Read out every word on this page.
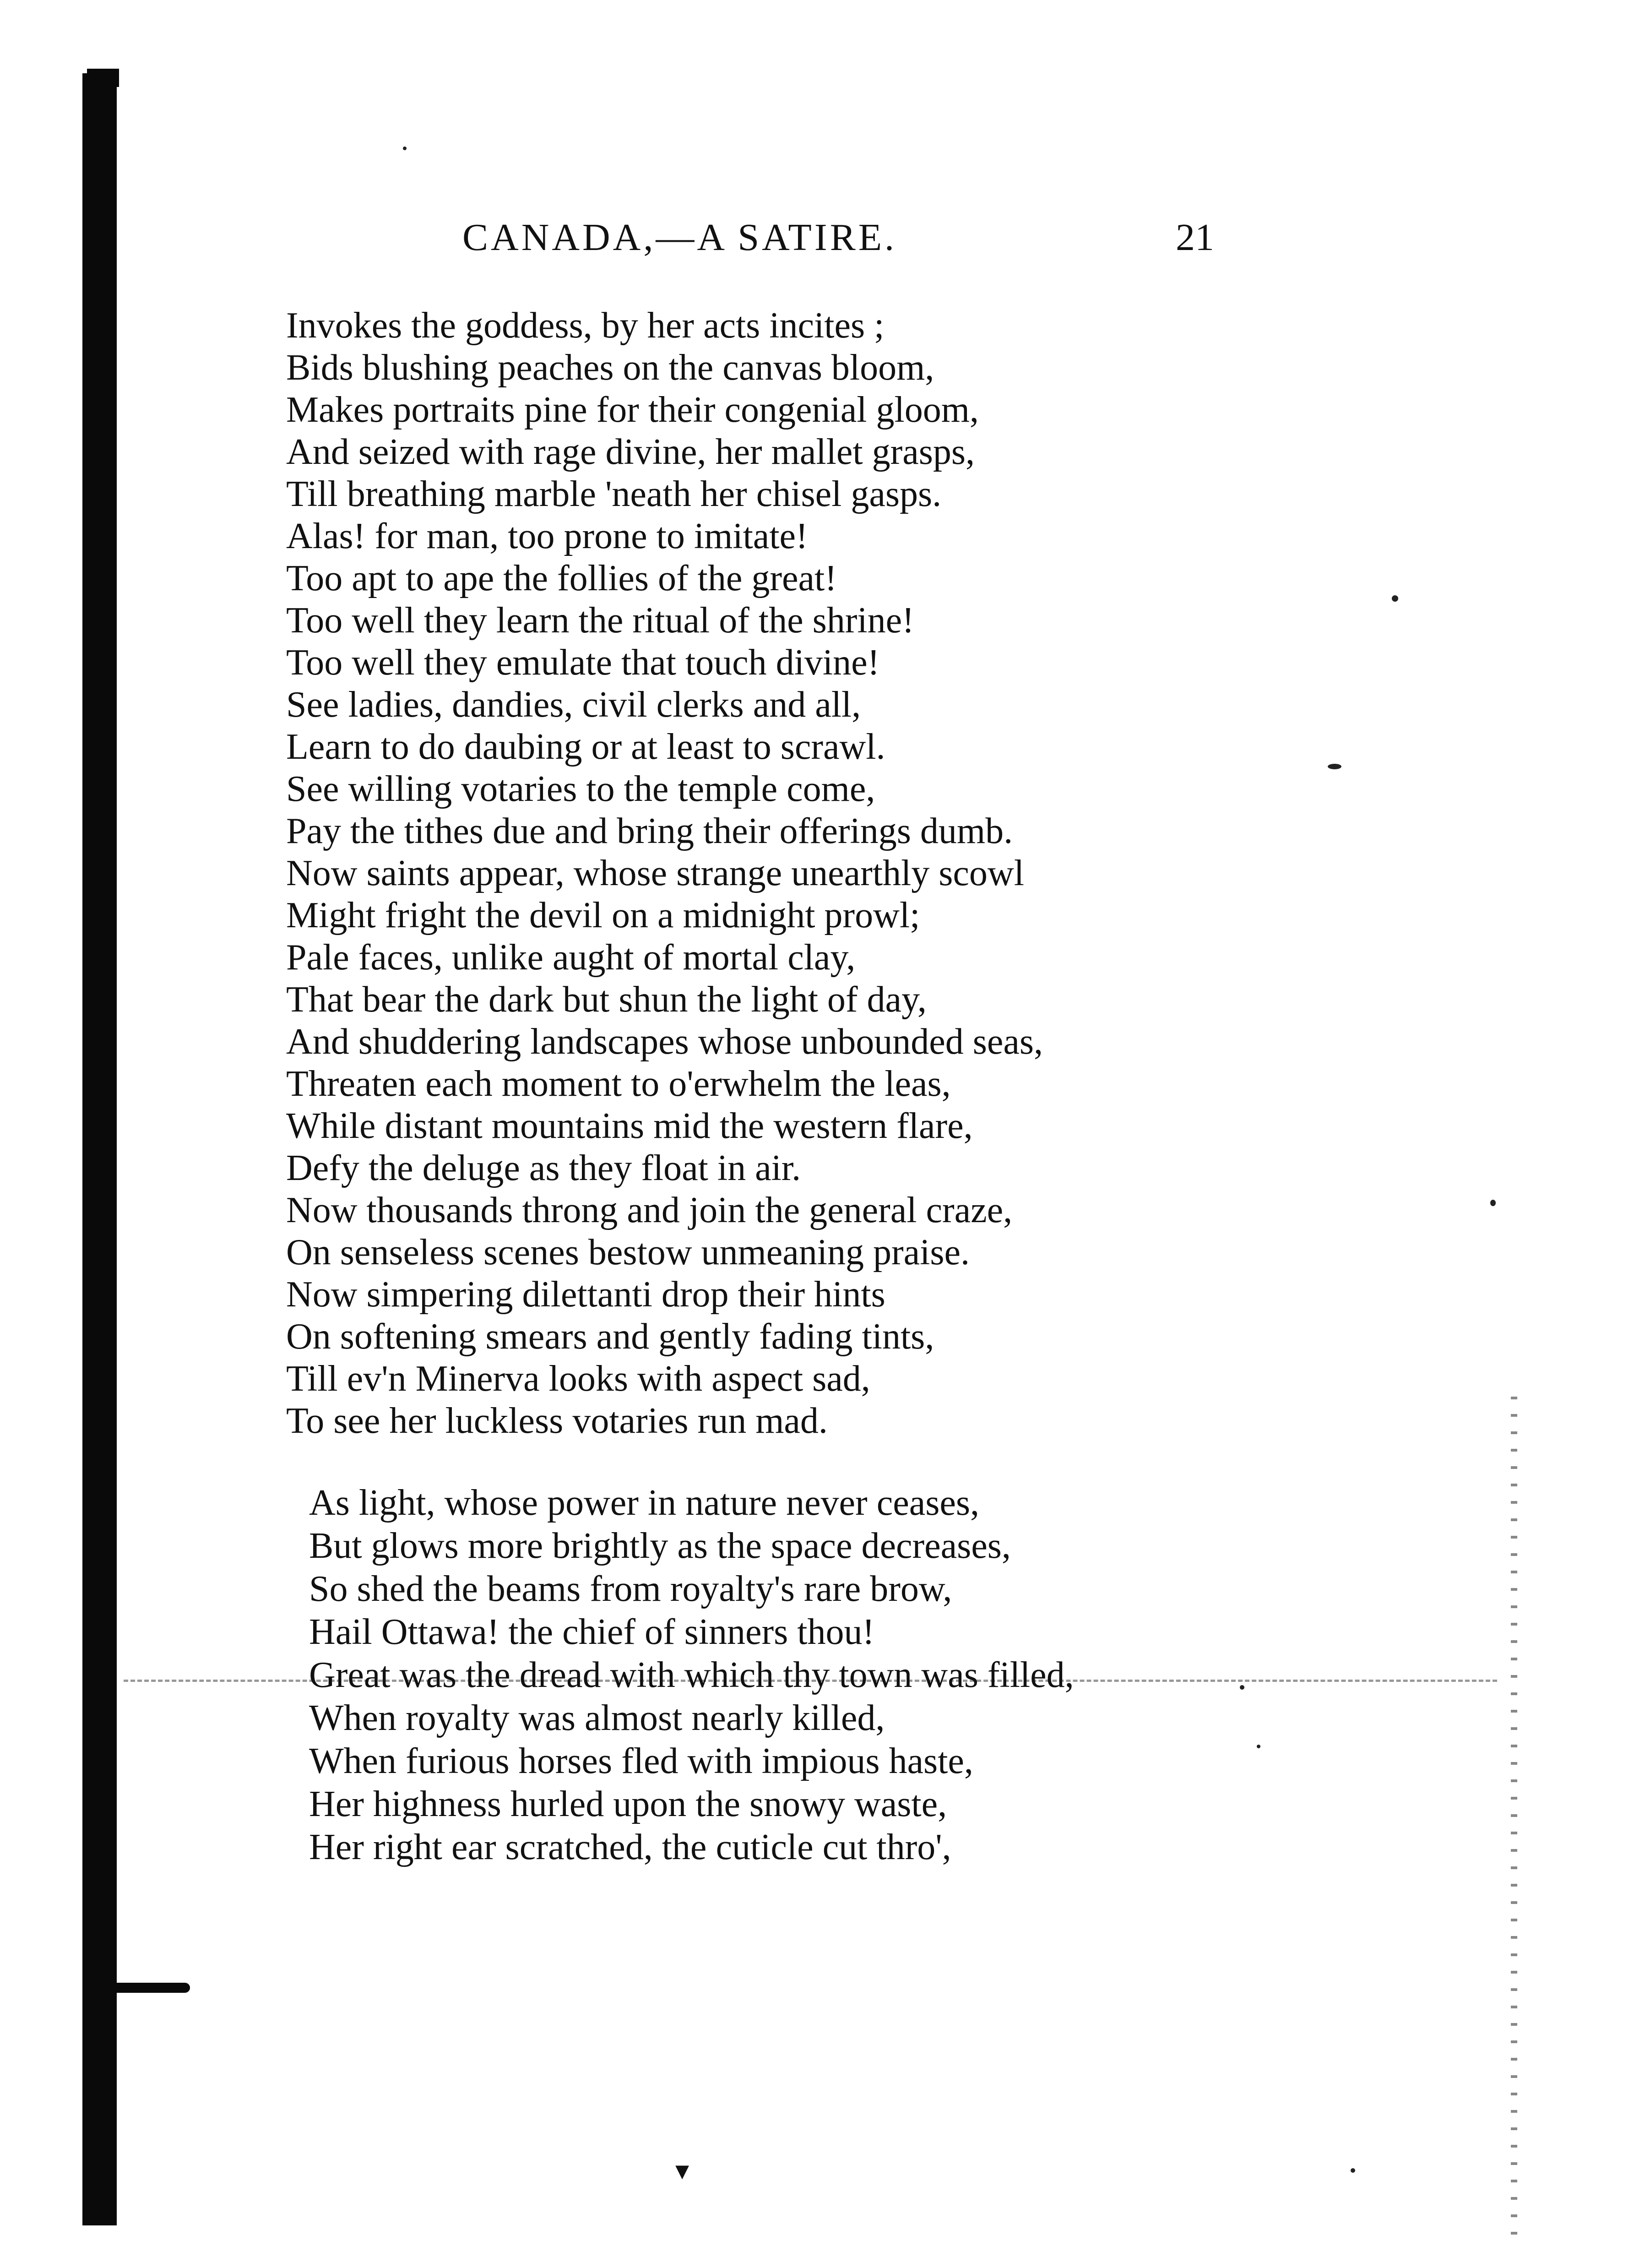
CANADA,—A SATIRE.	21
Invokes the goddess, by her acts incites ;
Bids blushing peaches on the canvas bloom,
Makes portraits pine for their congenial gloom,
And seized with rage divine, her mallet grasps,
Till breathing marble 'neath her chisel gasps.
Alas! for man, too prone to imitate!
Too apt to ape the follies of the great!
Too well they learn the ritual of the shrine!
Too well they emulate that touch divine!
See ladies, dandies, civil clerks and all,
Learn to do daubing or at least to scrawl.
See willing votaries to the temple come,
Pay the tithes due and bring their offerings dumb.
Now saints appear, whose strange unearthly scowl
Might fright the devil on a midnight prowl;
Pale faces, unlike aught of mortal clay,
That bear the dark but shun the light of day,
And shuddering landscapes whose unbounded seas,
Threaten each moment to o'erwhelm the leas,
While distant mountains mid the western flare,
Defy the deluge as they float in air.
Now thousands throng and join the general craze,
On senseless scenes bestow unmeaning praise.
Now simpering dilettanti drop their hints
On softening smears and gently fading tints,
Till ev'n Minerva looks with aspect sad,
To see her luckless votaries run mad.
As light, whose power in nature never ceases,
But glows more brightly as the space decreases,
So shed the beams from royalty's rare brow,
Hail Ottawa! the chief of sinners thou!
Great was the dread with which thy town was filled,
When royalty was almost nearly killed,
When furious horses fled with impious haste,
Her highness hurled upon the snowy waste,
Her right ear scratched, the cuticle cut thro',
▾
